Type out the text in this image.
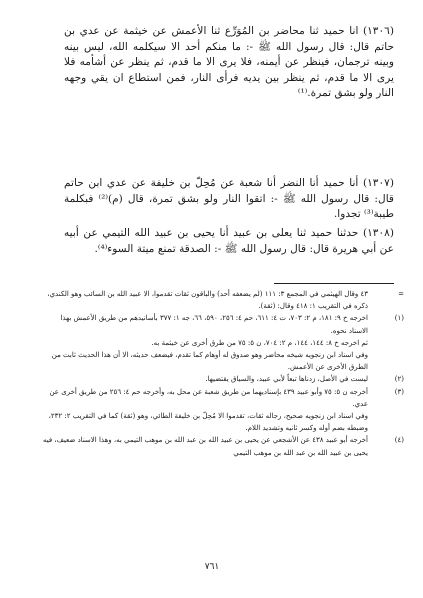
(١٣٠٦) انا حميد ثنا محاضر بن المُوَرِّع ثنا الأعمش عن خيثمة عن عدي بن حاتم قال: قال رسول الله ﷺ -: ما منكم أحد الا سيكلمه الله، ليس بينه وبينه ترجمان، فينظر عن أيمنه، فلا يرى الا ما قدم، ثم ينظر عن أشأمه فلا يرى الا ما قدم، ثم ينظر بين يديه فرأى النار، فمن استطاع ان يقي وجهه النار ولو بشق تمرة.⁽¹⁾

(١٣٠٧) أنا حميد أنا النضر أنا شعبة عن مُحِلّ بن خليفة عن عدي ابن حاتم قال: قال رسول الله ﷺ -: اتقوا النار ولو بشق تمرة، قال (م)⁽²⁾ فبكلمة طيبة⁽³⁾ تجدوا.

(١٣٠٨) حدثنا حميد ثنا يعلى بن عبيد أنا يحيى بن عبيد الله التيمي عن أبيه عن أبي هريرة قال: قال رسول الله ﷺ -: الصدقة تمنع ميتة السوء⁽⁴⁾.

=
٤٣ وقال الهيثمي في المجمع ٣: ١١١ (لم يضعفه أحد) والباقون ثقات تقدموا، الا عبيد الله بن السائب وهو الكندي، ذكره في التقريب ١: ٤١٨ وقال: (ثقة).

(١)
اخرجه خ ٩: ١٨١، م ٢: ٧٠٣، ت ٤: ٦١١، حم ٤: ٢٥٦، ٥٩٠، ٦٦، جه ١: ٣٧٧ بأسانيدهم من طريق الأعمش بهذا الاسناد نحوه.

ثم اخرجه خ ٨: ١٤٤، ١٤٤، م ٢: ٧٠٤، ن ٥: ٧٥ من طرق أخرى عن خيثمة به.

وفي اسناد ابن زنجويه شيخه محاضر وهو صدوق له أوهام كما تقدم، فيضعف حديثه، الا أن هذا الحديث ثابت من الطرق الأخرى عن الأعمش.

(٢)
ليست في الأصل، زدناها تبعاً لأبي عبيد، والسياق يقتضيها.

(٣)
أخرجه ن ٥: ٧٥ وأبو عبيد ٤٣٩ بإسناديهما من طريق شعبة عن محل به، وأخرجه حم ٤: ٢٥٦ من طريق أخرى عن عدي.

وفي اسناد ابن زنجويه صحيح، رجاله ثقات، تقدموا الا مُحِلّ بن خليفة الطائي، وهو (ثقة) كما في التقريب ٢: ٢٣٢، وضبطه بضم أوله وكسر ثانيه وتشديد اللام.

(٤)
أخرجه أبو عبيد ٤٣٨ عن الأشجعي عن يحيى بن عبيد الله بن عبد الله بن موهب التيمي به، وهذا الاسناد ضعيف، فيه يحيى بن عبيد الله بن عبد الله بن موهب التيمي

٧٦١
